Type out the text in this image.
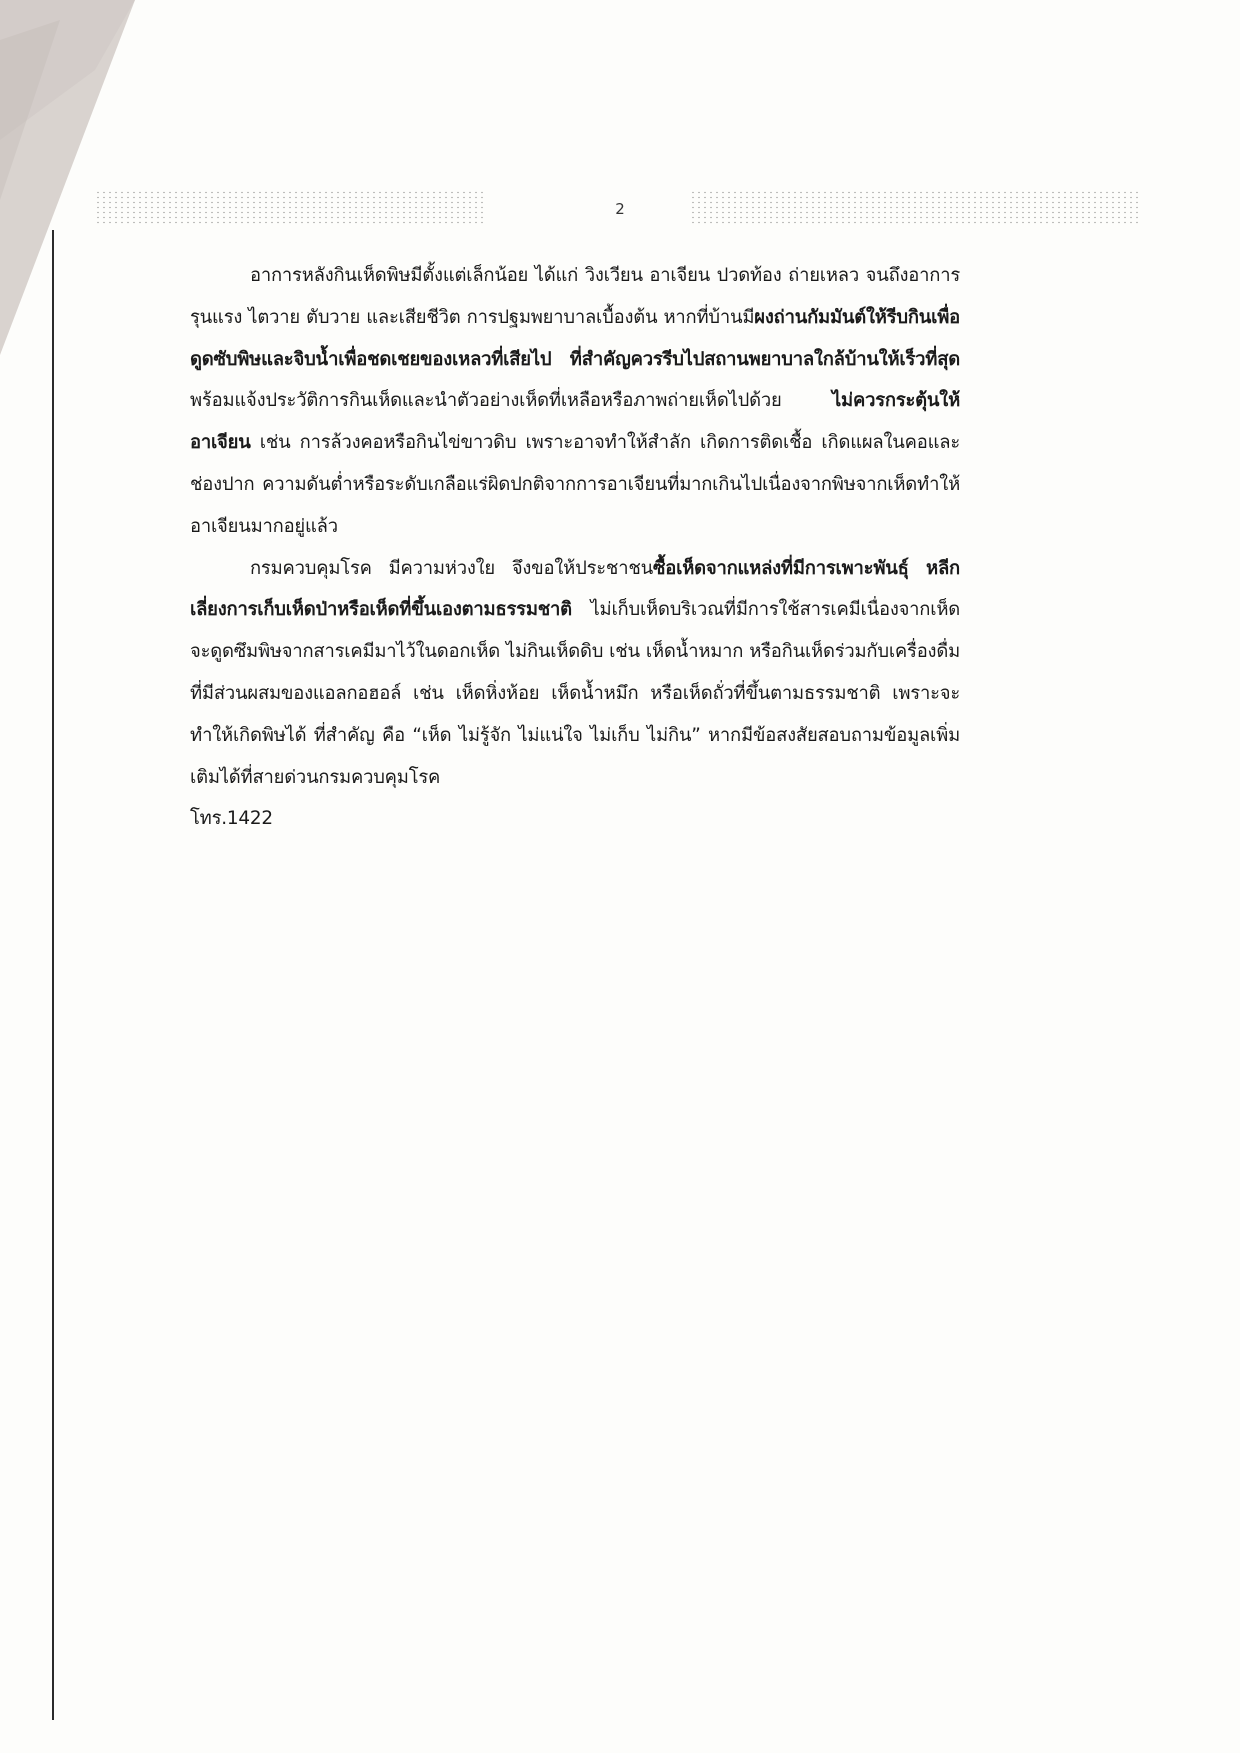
2

อาการหลังกินเห็ดพิษมีตั้งแต่เล็กน้อย ได้แก่ วิงเวียน อาเจียน ปวดท้อง ถ่ายเหลว จนถึงอาการรุนแรง ไตวาย ตับวาย และเสียชีวิต การปฐมพยาบาลเบื้องต้น หากที่บ้านมีผงถ่านกัมมันต์ให้รีบกินเพื่อดูดซับพิษและจิบน้ำเพื่อชดเชยของเหลวที่เสียไป ที่สำคัญควรรีบไปสถานพยาบาลใกล้บ้านให้เร็วที่สุด พร้อมแจ้งประวัติการกินเห็ดและนำตัวอย่างเห็ดที่เหลือหรือภาพถ่ายเห็ดไปด้วย ไม่ควรกระตุ้นให้อาเจียน เช่น การล้วงคอหรือกินไข่ขาวดิบ เพราะอาจทำให้สำลัก เกิดการติดเชื้อ เกิดแผลในคอและช่องปาก ความดันต่ำหรือระดับเกลือแร่ผิดปกติจากการอาเจียนที่มากเกินไปเนื่องจากพิษจากเห็ดทำให้อาเจียนมากอยู่แล้ว

กรมควบคุมโรค มีความห่วงใย จึงขอให้ประชาชนซื้อเห็ดจากแหล่งที่มีการเพาะพันธุ์ หลีกเลี่ยงการเก็บเห็ดป่าหรือเห็ดที่ขึ้นเองตามธรรมชาติ ไม่เก็บเห็ดบริเวณที่มีการใช้สารเคมีเนื่องจากเห็ดจะดูดซึมพิษจากสารเคมีมาไว้ในดอกเห็ด ไม่กินเห็ดดิบ เช่น เห็ดน้ำหมาก หรือกินเห็ดร่วมกับเครื่องดื่มที่มีส่วนผสมของแอลกอฮอล์ เช่น เห็ดหิ่งห้อย เห็ดน้ำหมึก หรือเห็ดถั่วที่ขึ้นตามธรรมชาติ เพราะจะทำให้เกิดพิษได้ ที่สำคัญ คือ “เห็ด ไม่รู้จัก ไม่แน่ใจ ไม่เก็บ ไม่กิน” หากมีข้อสงสัยสอบถามข้อมูลเพิ่มเติมได้ที่สายด่วนกรมควบคุมโรค

โทร.1422
